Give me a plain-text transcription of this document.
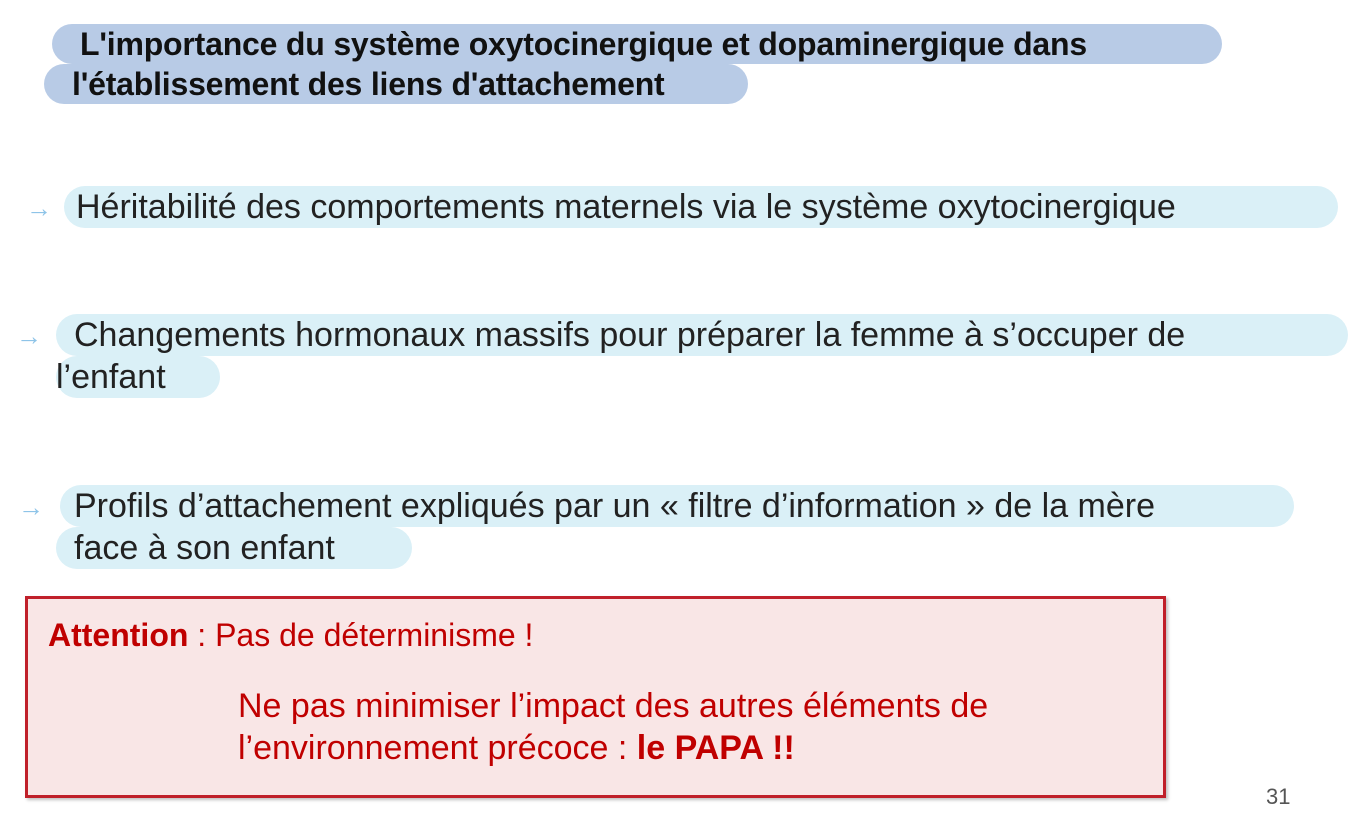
L'importance du système oxytocinergique et dopaminergique dans
l'établissement des liens d'attachement
→ Héritabilité des comportements maternels via le système oxytocinergique
→ Changements hormonaux massifs pour préparer la femme à s’occuper de
l’enfant
→ Profils d’attachement expliqués par un « filtre d’information » de la mère
face à son enfant
Attention : Pas de déterminisme !
Ne pas minimiser l’impact des autres éléments de
l’environnement précoce : le PAPA !!
31
